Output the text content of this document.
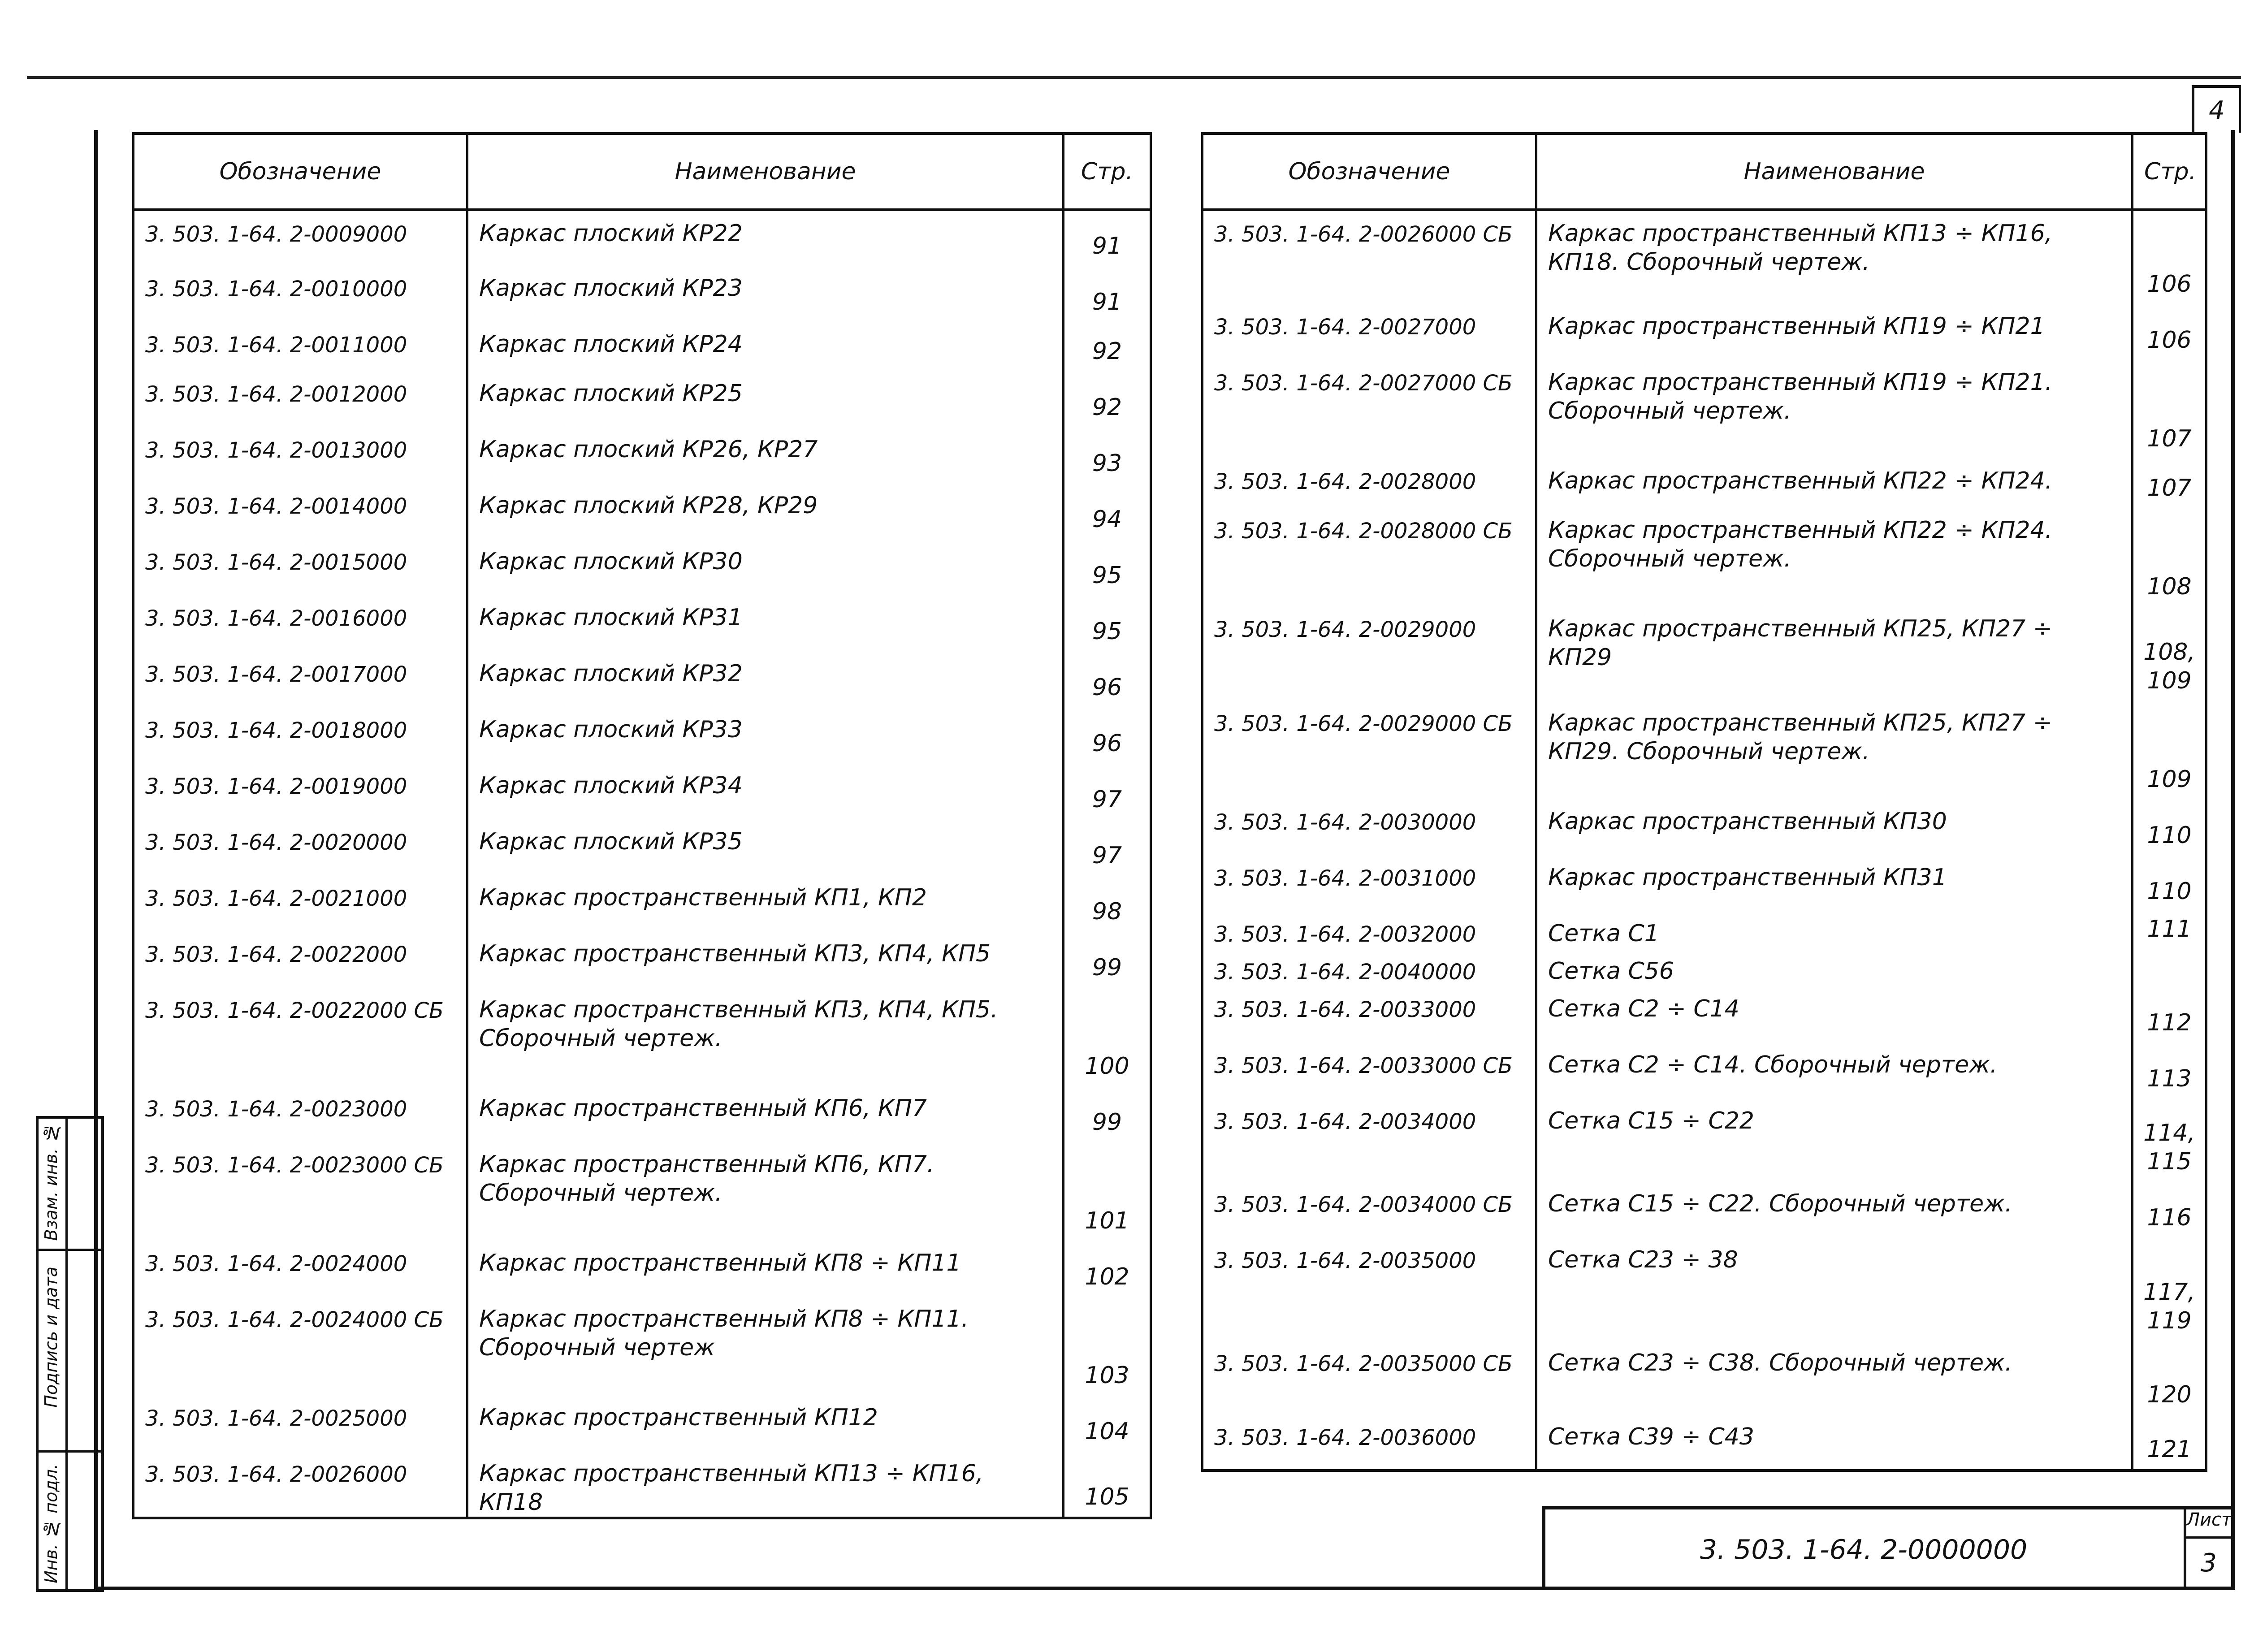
4
Взам. инв. №
Подпись и дата
Инв. № подл.
Обозначение	Наименование	Стр.
3. 503. 1-64. 2-0009000	Каркас плоский КР22	91
3. 503. 1-64. 2-0010000	Каркас плоский КР23	91
3. 503. 1-64. 2-0011000	Каркас плоский КР24	92
3. 503. 1-64. 2-0012000	Каркас плоский КР25	92
3. 503. 1-64. 2-0013000	Каркас плоский КР26, КР27	93
3. 503. 1-64. 2-0014000	Каркас плоский КР28, КР29	94
3. 503. 1-64. 2-0015000	Каркас плоский КР30	95
3. 503. 1-64. 2-0016000	Каркас плоский КР31	95
3. 503. 1-64. 2-0017000	Каркас плоский КР32	96
3. 503. 1-64. 2-0018000	Каркас плоский КР33	96
3. 503. 1-64. 2-0019000	Каркас плоский КР34	97
3. 503. 1-64. 2-0020000	Каркас плоский КР35	97
3. 503. 1-64. 2-0021000	Каркас пространственный КП1, КП2	98
3. 503. 1-64. 2-0022000	Каркас пространственный КП3, КП4, КП5	99
3. 503. 1-64. 2-0022000 СБ	Каркас пространственный КП3, КП4, КП5. Сборочный чертеж.	100
3. 503. 1-64. 2-0023000	Каркас пространственный КП6, КП7	99
3. 503. 1-64. 2-0023000 СБ	Каркас пространственный КП6, КП7. Сборочный чертеж.	101
3. 503. 1-64. 2-0024000	Каркас пространственный КП8 ÷ КП11	102
3. 503. 1-64. 2-0024000 СБ	Каркас пространственный КП8 ÷ КП11. Сборочный чертеж	103
3. 503. 1-64. 2-0025000	Каркас пространственный КП12	104
3. 503. 1-64. 2-0026000	Каркас пространственный КП13 ÷ КП16, КП18	105
Обозначение	Наименование	Стр.
3. 503. 1-64. 2-0026000 СБ	Каркас пространственный КП13 ÷ КП16, КП18. Сборочный чертеж.	106
3. 503. 1-64. 2-0027000	Каркас пространственный КП19 ÷ КП21	106
3. 503. 1-64. 2-0027000 СБ	Каркас пространственный КП19 ÷ КП21. Сборочный чертеж.	107
3. 503. 1-64. 2-0028000	Каркас пространственный КП22 ÷ КП24.	107
3. 503. 1-64. 2-0028000 СБ	Каркас пространственный КП22 ÷ КП24. Сборочный чертеж.	108
3. 503. 1-64. 2-0029000	Каркас пространственный КП25, КП27 ÷ КП29	108, 109
3. 503. 1-64. 2-0029000 СБ	Каркас пространственный КП25, КП27 ÷ КП29. Сборочный чертеж.	109
3. 503. 1-64. 2-0030000	Каркас пространственный КП30	110
3. 503. 1-64. 2-0031000	Каркас пространственный КП31	110
3. 503. 1-64. 2-0032000	Сетка С1	111
3. 503. 1-64. 2-0040000	Сетка С56	
3. 503. 1-64. 2-0033000	Сетка С2 ÷ С14	112
3. 503. 1-64. 2-0033000 СБ	Сетка С2 ÷ С14. Сборочный чертеж.	113
3. 503. 1-64. 2-0034000	Сетка С15 ÷ С22	114, 115
3. 503. 1-64. 2-0034000 СБ	Сетка С15 ÷ С22. Сборочный чертеж.	116
3. 503. 1-64. 2-0035000	Сетка С23 ÷ 38	117, 119
3. 503. 1-64. 2-0035000 СБ	Сетка С23 ÷ С38. Сборочный чертеж.	120
3. 503. 1-64. 2-0036000	Сетка С39 ÷ С43	121
3. 503. 1-64. 2-0000000
Лист
3
